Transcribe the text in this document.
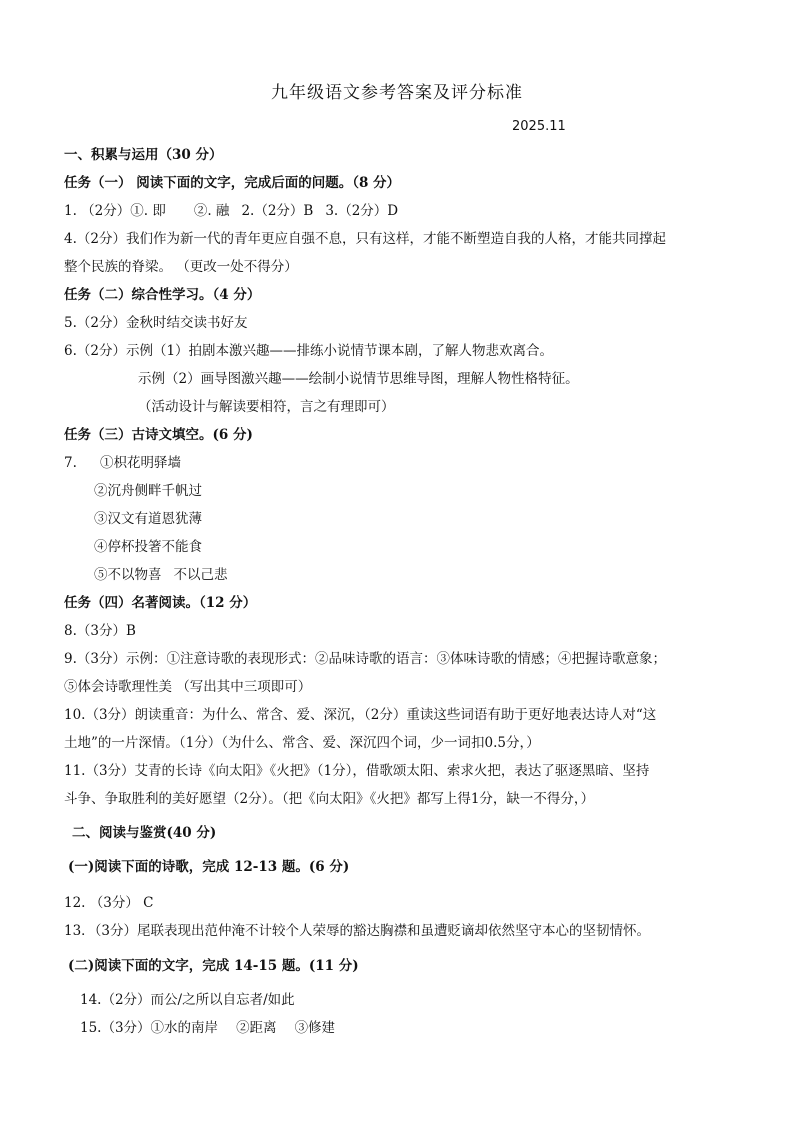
九年级语文参考答案及评分标准
2025.11
一、积累与运用（30 分）
任务（一） 阅读下面的文字，完成后面的问题。（8 分）
1. （2分）①. 即 ②. 融 2.（2分）B 3.（2分）D
4.（2分）我们作为新一代的青年更应自强不息，只有这样，才能不断塑造自我的人格，才能共同撑起
整个民族的脊梁。 （更改一处不得分）
任务（二）综合性学习。（4 分）
5.（2分）金秋时结交读书好友
6.（2分）示例（1）拍剧本激兴趣——排练小说情节课本剧，了解人物悲欢离合。
示例（2）画导图激兴趣——绘制小说情节思维导图，理解人物性格特征。
（活动设计与解读要相符，言之有理即可）
任务（三）古诗文填空。(6 分)
7. ①枳花明驿墙
②沉舟侧畔千帆过
③汉文有道恩犹薄
④停杯投箸不能食
⑤不以物喜 不以己悲
任务（四）名著阅读。（12 分）
8.（3分）B
9.（3分）示例：①注意诗歌的表现形式：②品味诗歌的语言：③体味诗歌的情感；④把握诗歌意象；
⑤体会诗歌理性美 （写出其中三项即可）
10.（3分）朗读重音：为什么、常含、爱、深沉，（2分）重读这些词语有助于更好地表达诗人对“这
土地”的一片深情。（1分）（为什么、常含、爱、深沉四个词，少一词扣0.5分，）
11.（3分）艾青的长诗《向太阳》《火把》（1分），借歌颂太阳、索求火把，表达了驱逐黑暗、坚持
斗争、争取胜利的美好愿望（2分）。（把《向太阳》《火把》都写上得1分，缺一不得分，）
二、阅读与鉴赏(40 分)
(一)阅读下面的诗歌，完成 12-13 题。(6 分)
12. （3分） C
13．（3分）尾联表现出范仲淹不计较个人荣辱的豁达胸襟和虽遭贬谪却依然坚守本心的坚韧情怀。
(二)阅读下面的文字，完成 14-15 题。(11 分)
14.（2分）而公/之所以自忘者/如此
15.（3分）①水的南岸 ②距离 ③修建
